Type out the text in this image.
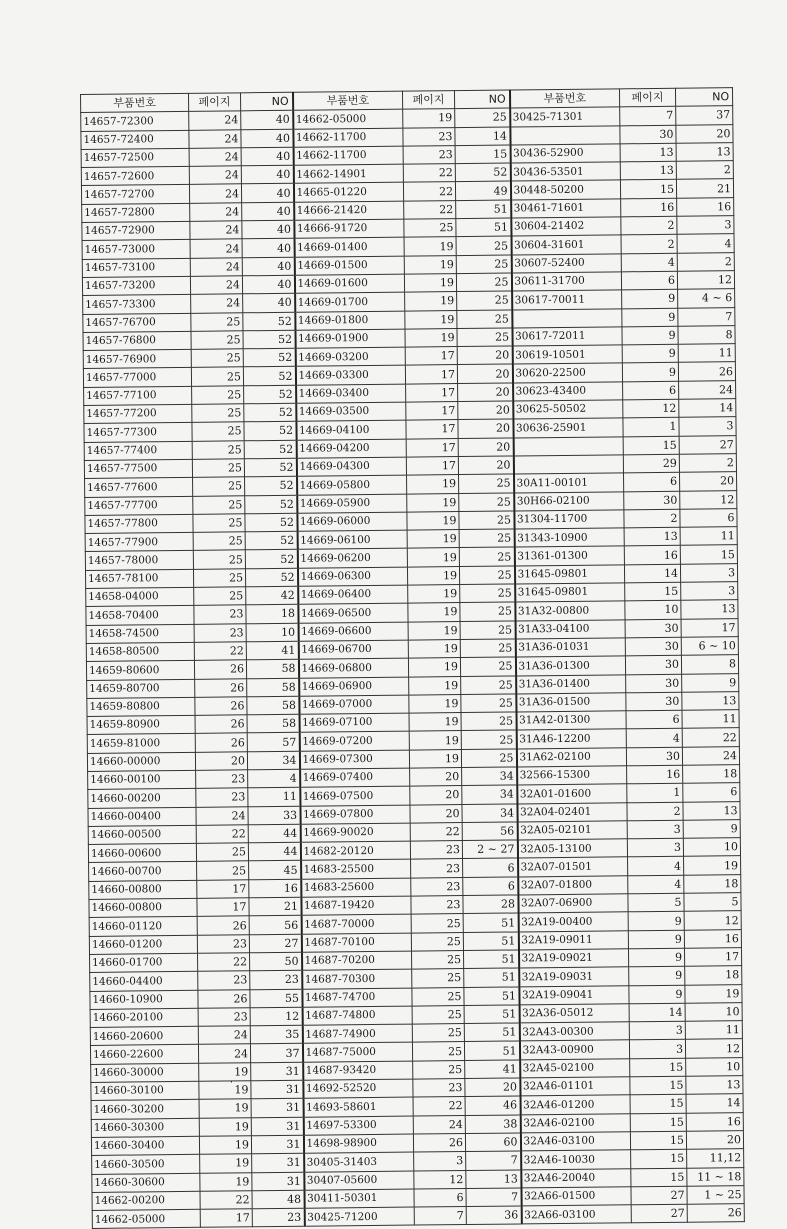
부품번호	페이지	NO	부품번호	페이지	NO	부품번호	페이지	NO
14657-72300	24	40	14662-05000	19	25	30425-71301	7	37
14657-72400	24	40	14662-11700	23	14		30	20
14657-72500	24	40	14662-11700	23	15	30436-52900	13	13
14657-72600	24	40	14662-14901	22	52	30436-53501	13	2
14657-72700	24	40	14665-01220	22	49	30448-50200	15	21
14657-72800	24	40	14666-21420	22	51	30461-71601	16	16
14657-72900	24	40	14666-91720	25	51	30604-21402	2	3
14657-73000	24	40	14669-01400	19	25	30604-31601	2	4
14657-73100	24	40	14669-01500	19	25	30607-52400	4	2
14657-73200	24	40	14669-01600	19	25	30611-31700	6	12
14657-73300	24	40	14669-01700	19	25	30617-70011	9	4 ~ 6
14657-76700	25	52	14669-01800	19	25		9	7
14657-76800	25	52	14669-01900	19	25	30617-72011	9	8
14657-76900	25	52	14669-03200	17	20	30619-10501	9	11
14657-77000	25	52	14669-03300	17	20	30620-22500	9	26
14657-77100	25	52	14669-03400	17	20	30623-43400	6	24
14657-77200	25	52	14669-03500	17	20	30625-50502	12	14
14657-77300	25	52	14669-04100	17	20	30636-25901	1	3
14657-77400	25	52	14669-04200	17	20		15	27
14657-77500	25	52	14669-04300	17	20		29	2
14657-77600	25	52	14669-05800	19	25	30A11-00101	6	20
14657-77700	25	52	14669-05900	19	25	30H66-02100	30	12
14657-77800	25	52	14669-06000	19	25	31304-11700	2	6
14657-77900	25	52	14669-06100	19	25	31343-10900	13	11
14657-78000	25	52	14669-06200	19	25	31361-01300	16	15
14657-78100	25	52	14669-06300	19	25	31645-09801	14	3
14658-04000	25	42	14669-06400	19	25	31645-09801	15	3
14658-70400	23	18	14669-06500	19	25	31A32-00800	10	13
14658-74500	23	10	14669-06600	19	25	31A33-04100	30	17
14658-80500	22	41	14669-06700	19	25	31A36-01031	30	6 ~ 10
14659-80600	26	58	14669-06800	19	25	31A36-01300	30	8
14659-80700	26	58	14669-06900	19	25	31A36-01400	30	9
14659-80800	26	58	14669-07000	19	25	31A36-01500	30	13
14659-80900	26	58	14669-07100	19	25	31A42-01300	6	11
14659-81000	26	57	14669-07200	19	25	31A46-12200	4	22
14660-00000	20	34	14669-07300	19	25	31A62-02100	30	24
14660-00100	23	4	14669-07400	20	34	32566-15300	16	18
14660-00200	23	11	14669-07500	20	34	32A01-01600	1	6
14660-00400	24	33	14669-07800	20	34	32A04-02401	2	13
14660-00500	22	44	14669-90020	22	56	32A05-02101	3	9
14660-00600	25	44	14682-20120	23	2 ~ 27	32A05-13100	3	10
14660-00700	25	45	14683-25500	23	6	32A07-01501	4	19
14660-00800	17	16	14683-25600	23	6	32A07-01800	4	18
14660-00800	17	21	14687-19420	23	28	32A07-06900	5	5
14660-01120	26	56	14687-70000	25	51	32A19-00400	9	12
14660-01200	23	27	14687-70100	25	51	32A19-09011	9	16
14660-01700	22	50	14687-70200	25	51	32A19-09021	9	17
14660-04400	23	23	14687-70300	25	51	32A19-09031	9	18
14660-10900	26	55	14687-74700	25	51	32A19-09041	9	19
14660-20100	23	12	14687-74800	25	51	32A36-05012	14	10
14660-20600	24	35	14687-74900	25	51	32A43-00300	3	11
14660-22600	24	37	14687-75000	25	51	32A43-00900	3	12
14660-30000	19	31	14687-93420	25	41	32A45-02100	15	10
14660-30100	19	31	14692-52520	23	20	32A46-01101	15	13
14660-30200	19	31	14693-58601	22	46	32A46-01200	15	14
14660-30300	19	31	14697-53300	24	38	32A46-02100	15	16
14660-30400	19	31	14698-98900	26	60	32A46-03100	15	20
14660-30500	19	31	30405-31403	3	7	32A46-10030	15	11,12
14660-30600	19	31	30407-05600	12	13	32A46-20040	15	11 ~ 18
14662-00200	22	48	30411-50301	6	7	32A66-01500	27	1 ~ 25
14662-05000	17	23	30425-71200	7	36	32A66-03100	27	26
·
